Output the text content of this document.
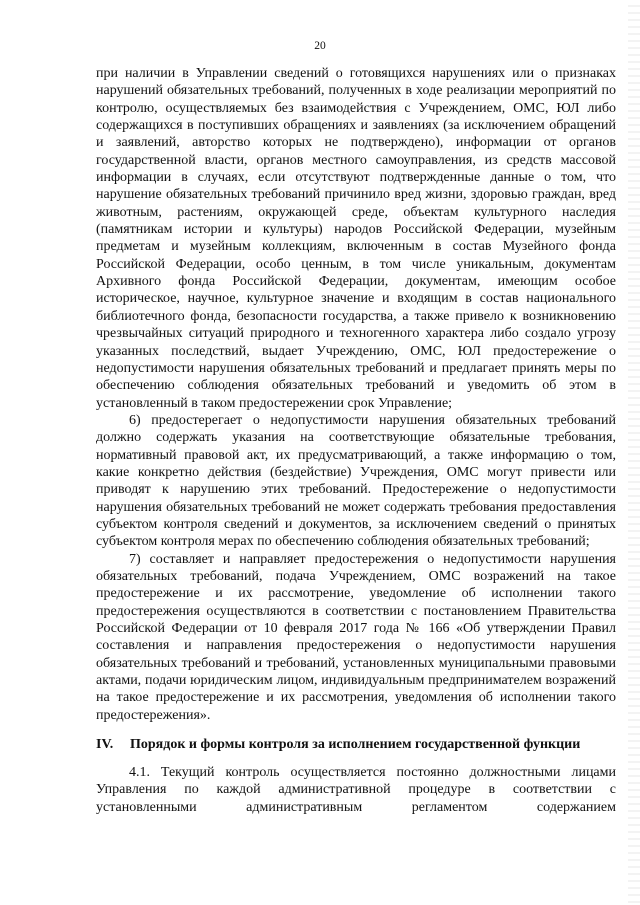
20

при наличии в Управлении сведений о готовящихся нарушениях или о признаках нарушений обязательных требований, полученных в ходе реализации мероприятий по контролю, осуществляемых без взаимодействия с Учреждением, ОМС, ЮЛ либо содержащихся в поступивших обращениях и заявлениях (за исключением обращений и заявлений, авторство которых не подтверждено), информации от органов государственной власти, органов местного самоуправления, из средств массовой информации в случаях, если отсутствуют подтвержденные данные о том, что нарушение обязательных требований причинило вред жизни, здоровью граждан, вред животным, растениям, окружающей среде, объектам культурного наследия (памятникам истории и культуры) народов Российской Федерации, музейным предметам и музейным коллекциям, включенным в состав Музейного фонда Российской Федерации, особо ценным, в том числе уникальным, документам Архивного фонда Российской Федерации, документам, имеющим особое историческое, научное, культурное значение и входящим в состав национального библиотечного фонда, безопасности государства, а также привело к возникновению чрезвычайных ситуаций природного и техногенного характера либо создало угрозу указанных последствий, выдает Учреждению, ОМС, ЮЛ предостережение о недопустимости нарушения обязательных требований и предлагает принять меры по обеспечению соблюдения обязательных требований и уведомить об этом в установленный в таком предостережении срок Управление;

6) предостерегает о недопустимости нарушения обязательных требований должно содержать указания на соответствующие обязательные требования, нормативный правовой акт, их предусматривающий, а также информацию о том, какие конкретно действия (бездействие) Учреждения, ОМС могут привести или приводят к нарушению этих требований. Предостережение о недопустимости нарушения обязательных требований не может содержать требования предоставления субъектом контроля сведений и документов, за исключением сведений о принятых субъектом контроля мерах по обеспечению соблюдения обязательных требований;

7) составляет и направляет предостережения о недопустимости нарушения обязательных требований, подача Учреждением, ОМС возражений на такое предостережение и их рассмотрение, уведомление об исполнении такого предостережения осуществляются в соответствии с постановлением Правительства Российской Федерации от 10 февраля 2017 года № 166 «Об утверждении Правил составления и направления предостережения о недопустимости нарушения обязательных требований и требований, установленных муниципальными правовыми актами, подачи юридическим лицом, индивидуальным предпринимателем возражений на такое предостережение и их рассмотрения, уведомления об исполнении такого предостережения».

IV.	Порядок и формы контроля за исполнением государственной функции

4.1. Текущий контроль осуществляется постоянно должностными лицами Управления по каждой административной процедуре в соответствии с установленными административным регламентом содержанием
